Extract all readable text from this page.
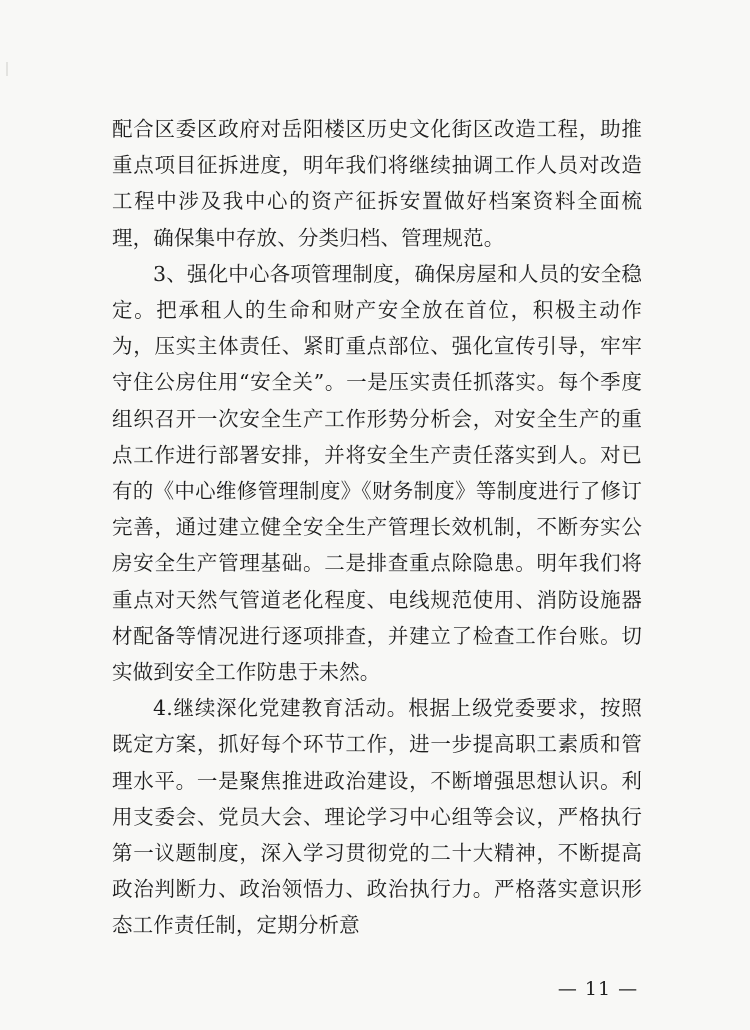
配合区委区政府对岳阳楼区历史文化街区改造工程，助推重点项目征拆进度，明年我们将继续抽调工作人员对改造工程中涉及我中心的资产征拆安置做好档案资料全面梳理，确保集中存放、分类归档、管理规范。

3、强化中心各项管理制度，确保房屋和人员的安全稳定。把承租人的生命和财产安全放在首位，积极主动作为，压实主体责任、紧盯重点部位、强化宣传引导，牢牢守住公房住用“安全关”。一是压实责任抓落实。每个季度组织召开一次安全生产工作形势分析会，对安全生产的重点工作进行部署安排，并将安全生产责任落实到人。对已有的《中心维修管理制度》《财务制度》等制度进行了修订完善，通过建立健全安全生产管理长效机制，不断夯实公房安全生产管理基础。二是排查重点除隐患。明年我们将重点对天然气管道老化程度、电线规范使用、消防设施器材配备等情况进行逐项排查，并建立了检查工作台账。切实做到安全工作防患于未然。

4.继续深化党建教育活动。根据上级党委要求，按照既定方案，抓好每个环节工作，进一步提高职工素质和管理水平。一是聚焦推进政治建设，不断增强思想认识。利用支委会、党员大会、理论学习中心组等会议，严格执行第一议题制度，深入学习贯彻党的二十大精神，不断提高政治判断力、政治领悟力、政治执行力。严格落实意识形态工作责任制，定期分析意

— 11 —
